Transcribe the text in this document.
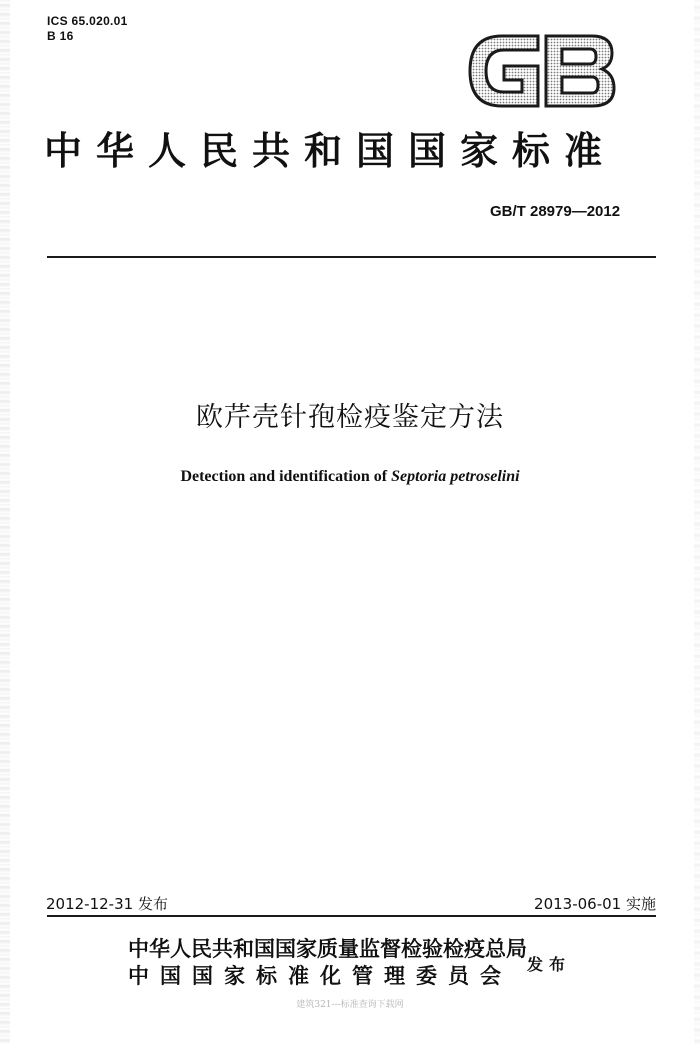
ICS 65.020.01
B 16
中华人民共和国国家标准
GB/T 28979—2012
欧芹壳针孢检疫鉴定方法
Detection and identification of Septoria petroselini
2012-12-31 发布	2013-06-01 实施
中华人民共和国国家质量监督检验检疫总局
中国国家标准化管理委员会 发布
建筑321---标准查询下载网
